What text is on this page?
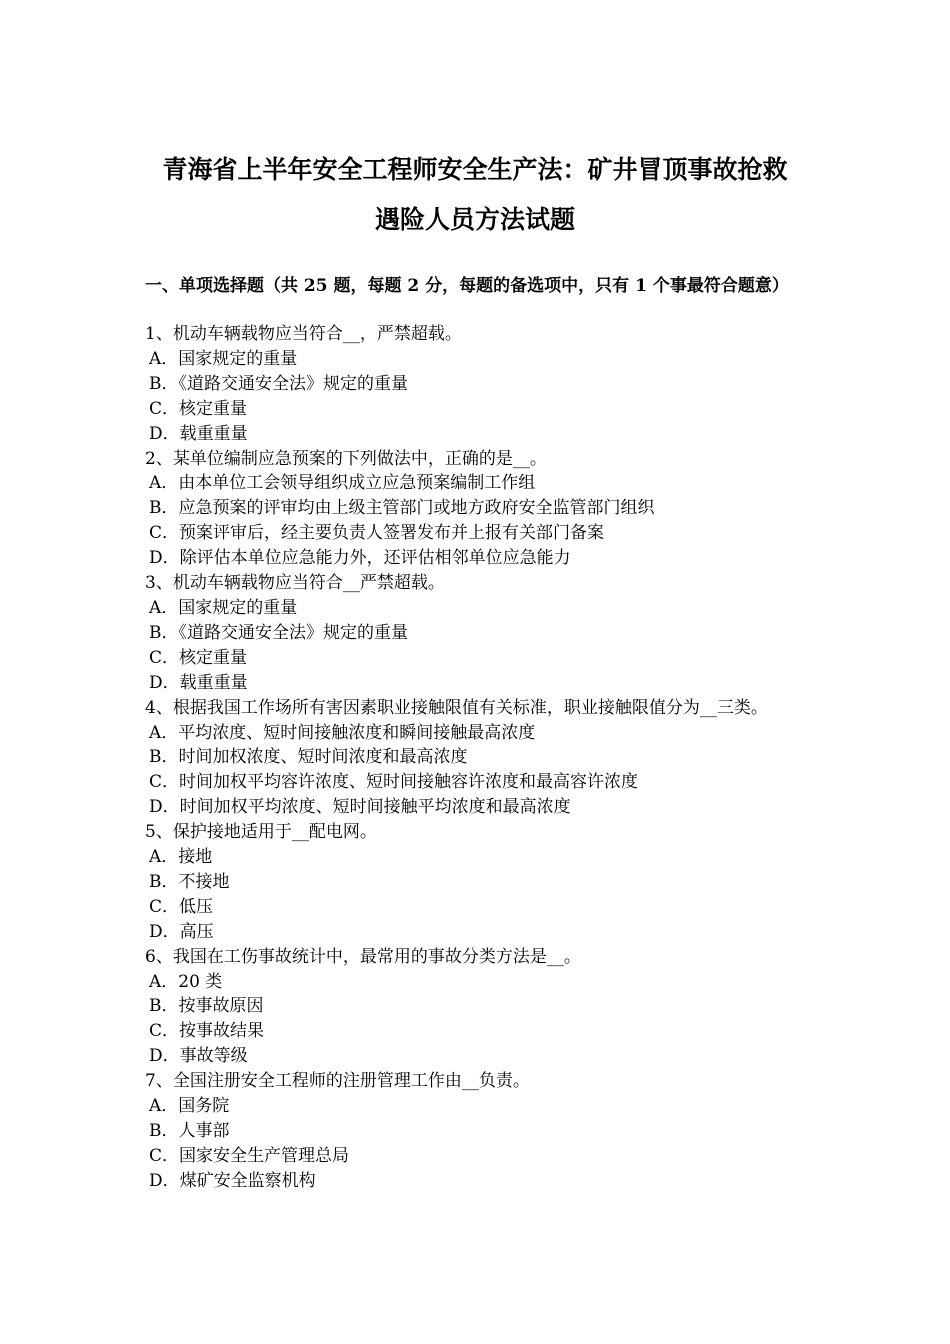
青海省上半年安全工程师安全生产法：矿井冒顶事故抢救
遇险人员方法试题
一、单项选择题（共 25 题，每题 2 分，每题的备选项中，只有 1 个事最符合题意）
1、机动车辆载物应当符合__，严禁超载。
A．国家规定的重量
B．《道路交通安全法》规定的重量
C．核定重量
D．载重重量
2、某单位编制应急预案的下列做法中，正确的是__。
A．由本单位工会领导组织成立应急预案编制工作组
B．应急预案的评审均由上级主管部门或地方政府安全监管部门组织
C．预案评审后，经主要负责人签署发布并上报有关部门备案
D．除评估本单位应急能力外，还评估相邻单位应急能力
3、机动车辆载物应当符合__严禁超载。
A．国家规定的重量
B．《道路交通安全法》规定的重量
C．核定重量
D．载重重量
4、根据我国工作场所有害因素职业接触限值有关标准，职业接触限值分为__三类。
A．平均浓度、短时间接触浓度和瞬间接触最高浓度
B．时间加权浓度、短时间浓度和最高浓度
C．时间加权平均容许浓度、短时间接触容许浓度和最高容许浓度
D．时间加权平均浓度、短时间接触平均浓度和最高浓度
5、保护接地适用于__配电网。
A．接地
B．不接地
C．低压
D．高压
6、我国在工伤事故统计中，最常用的事故分类方法是__。
A．20 类
B．按事故原因
C．按事故结果
D．事故等级
7、全国注册安全工程师的注册管理工作由__负责。
A．国务院
B．人事部
C．国家安全生产管理总局
D．煤矿安全监察机构
